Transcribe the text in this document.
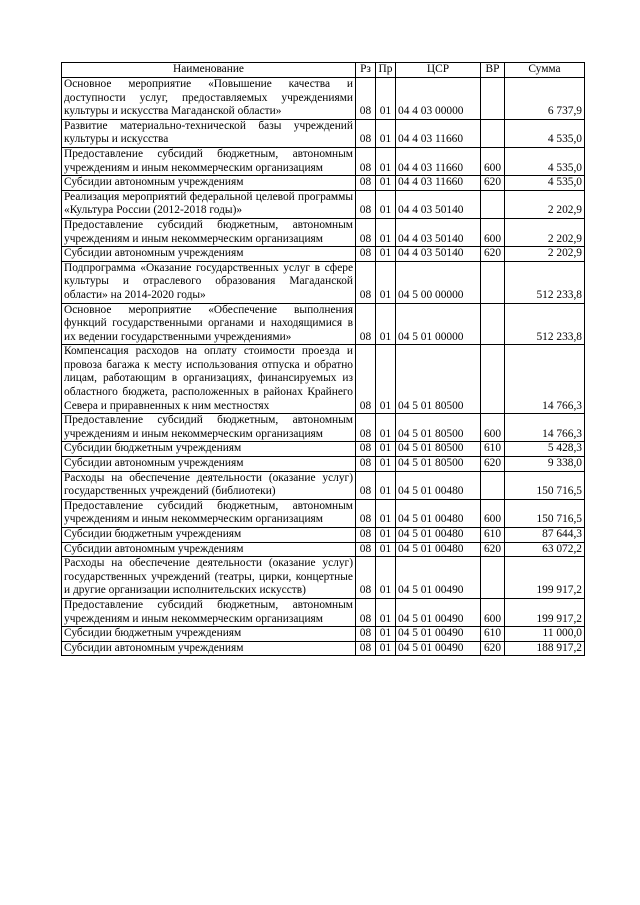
Наименование	Рз	Пр	ЦСР	ВР	Сумма
Основное мероприятие «Повышение качества и доступности услуг, предоставляемых учреждениями культуры и искусства Магаданской области»	08	01	04 4 03 00000		6 737,9
Развитие материально-технической базы учреждений культуры и искусства	08	01	04 4 03 11660		4 535,0
Предоставление субсидий бюджетным, автономным учреждениям и иным некоммерческим организациям	08	01	04 4 03 11660	600	4 535,0
Субсидии автономным учреждениям	08	01	04 4 03 11660	620	4 535,0
Реализация мероприятий федеральной целевой программы «Культура России (2012-2018 годы)»	08	01	04 4 03 50140		2 202,9
Предоставление субсидий бюджетным, автономным учреждениям и иным некоммерческим организациям	08	01	04 4 03 50140	600	2 202,9
Субсидии автономным учреждениям	08	01	04 4 03 50140	620	2 202,9
Подпрограмма «Оказание государственных услуг в сфере культуры и отраслевого образования Магаданской области» на 2014-2020 годы»	08	01	04 5 00 00000		512 233,8
Основное мероприятие «Обеспечение выполнения функций государственными органами и находящимися в их ведении государственными учреждениями»	08	01	04 5 01 00000		512 233,8
Компенсация расходов на оплату стоимости проезда и провоза багажа к месту использования отпуска и обратно лицам, работающим в организациях, финансируемых из областного бюджета, расположенных в районах Крайнего Севера и приравненных к ним местностях	08	01	04 5 01 80500		14 766,3
Предоставление субсидий бюджетным, автономным учреждениям и иным некоммерческим организациям	08	01	04 5 01 80500	600	14 766,3
Субсидии бюджетным учреждениям	08	01	04 5 01 80500	610	5 428,3
Субсидии автономным учреждениям	08	01	04 5 01 80500	620	9 338,0
Расходы на обеспечение деятельности (оказание услуг) государственных учреждений (библиотеки)	08	01	04 5 01 00480		150 716,5
Предоставление субсидий бюджетным, автономным учреждениям и иным некоммерческим организациям	08	01	04 5 01 00480	600	150 716,5
Субсидии бюджетным учреждениям	08	01	04 5 01 00480	610	87 644,3
Субсидии автономным учреждениям	08	01	04 5 01 00480	620	63 072,2
Расходы на обеспечение деятельности (оказание услуг) государственных учреждений (театры, цирки, концертные и другие организации исполнительских искусств)	08	01	04 5 01 00490		199 917,2
Предоставление субсидий бюджетным, автономным учреждениям и иным некоммерческим организациям	08	01	04 5 01 00490	600	199 917,2
Субсидии бюджетным учреждениям	08	01	04 5 01 00490	610	11 000,0
Субсидии автономным учреждениям	08	01	04 5 01 00490	620	188 917,2
